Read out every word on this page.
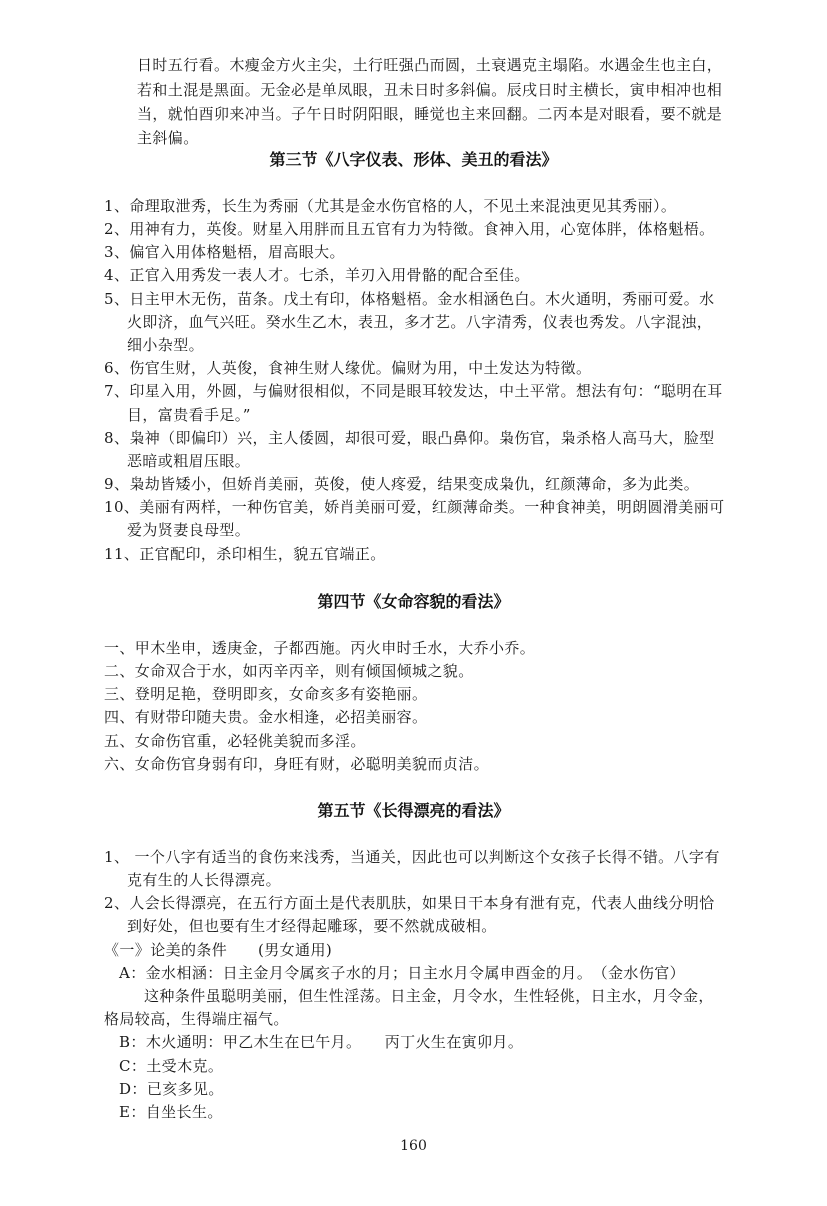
日时五行看。木瘦金方火主尖，土行旺强凸而圆，土衰遇克主塌陷。水遇金生也主白，
若和土混是黑面。无金必是单凤眼，丑未日时多斜偏。辰戌日时主横长，寅申相冲也相
当，就怕酉卯来冲当。子午日时阴阳眼，睡觉也主来回翻。二丙本是对眼看，要不就是
主斜偏。
第三节《八字仪表、形体、美丑的看法》
1、命理取泄秀，长生为秀丽（尤其是金水伤官格的人，不见土来混浊更见其秀丽）。
2、用神有力，英俊。财星入用胖而且五官有力为特徵。食神入用，心宽体胖，体格魁梧。
3、偏官入用体格魁梧，眉高眼大。
4、正官入用秀发一表人才。七杀，羊刃入用骨骼的配合至佳。
5、日主甲木无伤，苗条。戊土有印，体格魁梧。金水相涵色白。木火通明，秀丽可爱。水
火即济，血气兴旺。癸水生乙木，表丑，多才艺。八字清秀，仪表也秀发。八字混浊，
细小杂型。
6、伤官生财，人英俊，食神生财人缘优。偏财为用，中土发达为特徵。
7、印星入用，外圆，与偏财很相似，不同是眼耳较发达，中土平常。想法有句：“聪明在耳
目，富贵看手足。”
8、枭神（即偏印）兴，主人倭圆，却很可爱，眼凸鼻仰。枭伤官，枭杀格人高马大，脸型
恶暗或粗眉压眼。
9、枭劫皆矮小，但娇肖美丽，英俊，使人疼爱，结果变成枭仇，红颜薄命，多为此类。
10、美丽有两样，一种伤官美，娇肖美丽可爱，红颜薄命类。一种食神美，明朗圆滑美丽可
爱为贤妻良母型。
11、正官配印，杀印相生，貌五官端正。
第四节《女命容貌的看法》
一、甲木坐申，透庚金，子都西施。丙火申时壬水，大乔小乔。
二、女命双合于水，如丙辛丙辛，则有倾国倾城之貌。
三、登明足艳，登明即亥，女命亥多有姿艳丽。
四、有财带印随夫贵。金水相逢，必招美丽容。
五、女命伤官重，必轻佻美貌而多淫。
六、女命伤官身弱有印，身旺有财，必聪明美貌而贞洁。
第五节《长得漂亮的看法》
1、 一个八字有适当的食伤来浅秀，当通关，因此也可以判断这个女孩子长得不错。八字有
克有生的人长得漂亮。
2、人会长得漂亮，在五行方面土是代表肌肤，如果日干本身有泄有克，代表人曲线分明恰
到好处，但也要有生才经得起雕琢，要不然就成破相。
《一》论美的条件　　(男女通用)
A：金水相涵：日主金月令属亥子水的月；日主水月令属申酉金的月。　（金水伤官）
这种条件虽聪明美丽，但生性淫荡。日主金，月令水，生性轻佻，日主水，月令金，
格局较高，生得端庄福气。
B：木火通明：甲乙木生在巳午月。　　丙丁火生在寅卯月。
C：土受木克。
D：已亥多见。
E：自坐长生。
160
